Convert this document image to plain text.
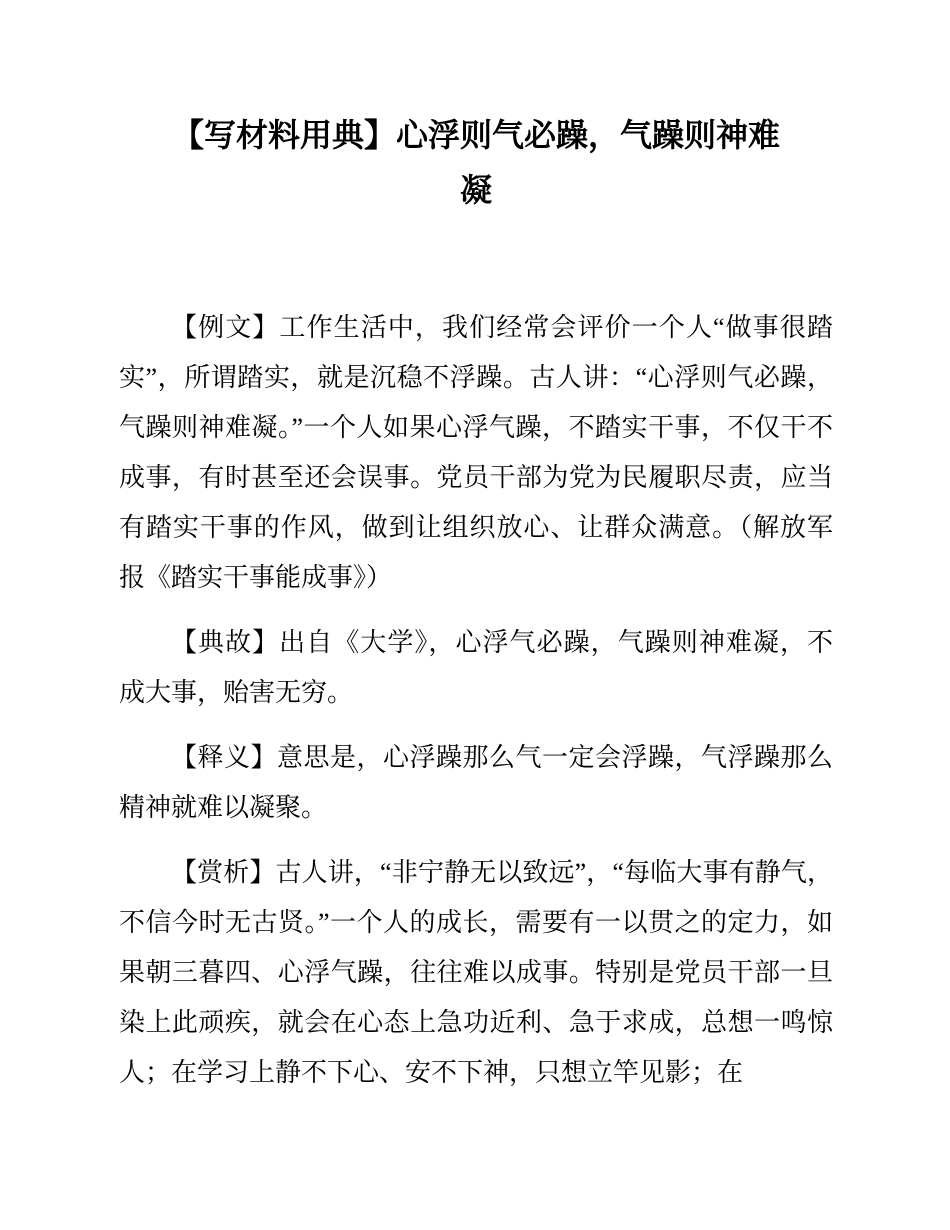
【写材料用典】心浮则气必躁，气躁则神难
凝

【例文】工作生活中，我们经常会评价一个人“做事很踏实”，所谓踏实，就是沉稳不浮躁。古人讲：“心浮则气必躁，气躁则神难凝。”一个人如果心浮气躁，不踏实干事，不仅干不成事，有时甚至还会误事。党员干部为党为民履职尽责，应当有踏实干事的作风，做到让组织放心、让群众满意。（解放军报《踏实干事能成事》）

【典故】出自《大学》，心浮气必躁，气躁则神难凝，不成大事，贻害无穷。

【释义】意思是，心浮躁那么气一定会浮躁，气浮躁那么精神就难以凝聚。

【赏析】古人讲，“非宁静无以致远”，“每临大事有静气，不信今时无古贤。”一个人的成长，需要有一以贯之的定力，如果朝三暮四、心浮气躁，往往难以成事。特别是党员干部一旦染上此顽疾，就会在心态上急功近利、急于求成，总想一鸣惊人；在学习上静不下心、安不下神，只想立竿见影；在
